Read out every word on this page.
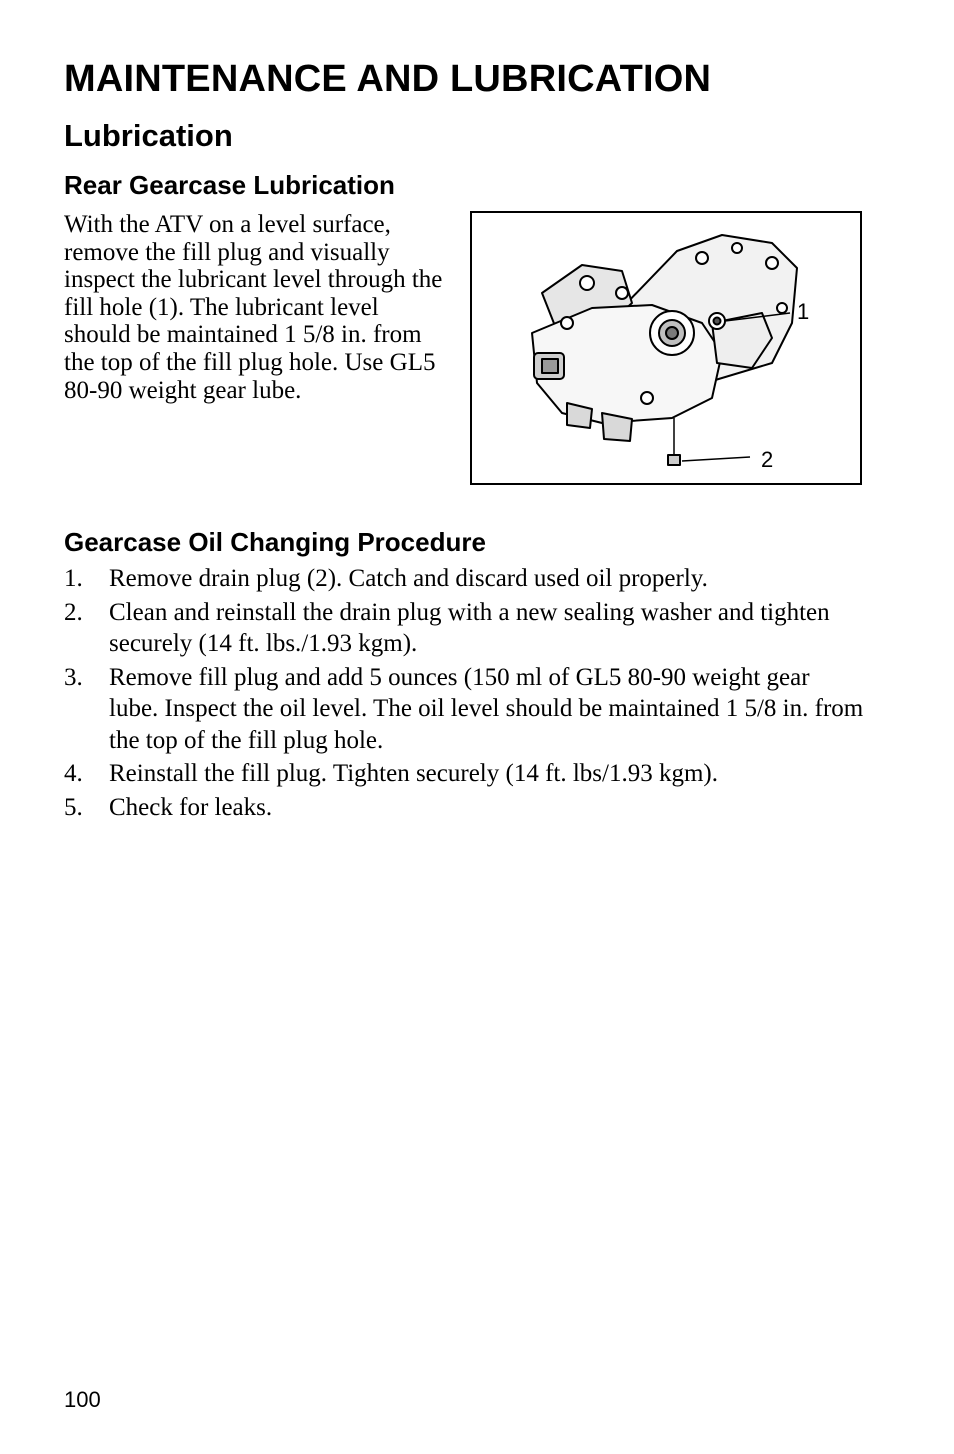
MAINTENANCE AND LUBRICATION
Lubrication
Rear Gearcase Lubrication

With the ATV on a level surface, remove the fill plug and visually inspect the lubricant level through the fill hole (1). The lubricant level should be maintained 1 5/8 in. from the top of the fill plug hole. Use GL5 80-90 weight gear lube.

1
2
Gearcase Oil Changing Procedure
1. Remove drain plug (2). Catch and discard used oil properly.
2. Clean and reinstall the drain plug with a new sealing washer and tighten securely (14 ft. lbs./1.93 kgm).
3. Remove fill plug and add 5 ounces (150 ml of GL5 80-90 weight gear lube. Inspect the oil level. The oil level should be maintained 1 5/8 in. from the top of the fill plug hole.
4. Reinstall the fill plug. Tighten securely (14 ft. lbs/1.93 kgm).
5. Check for leaks.
100
